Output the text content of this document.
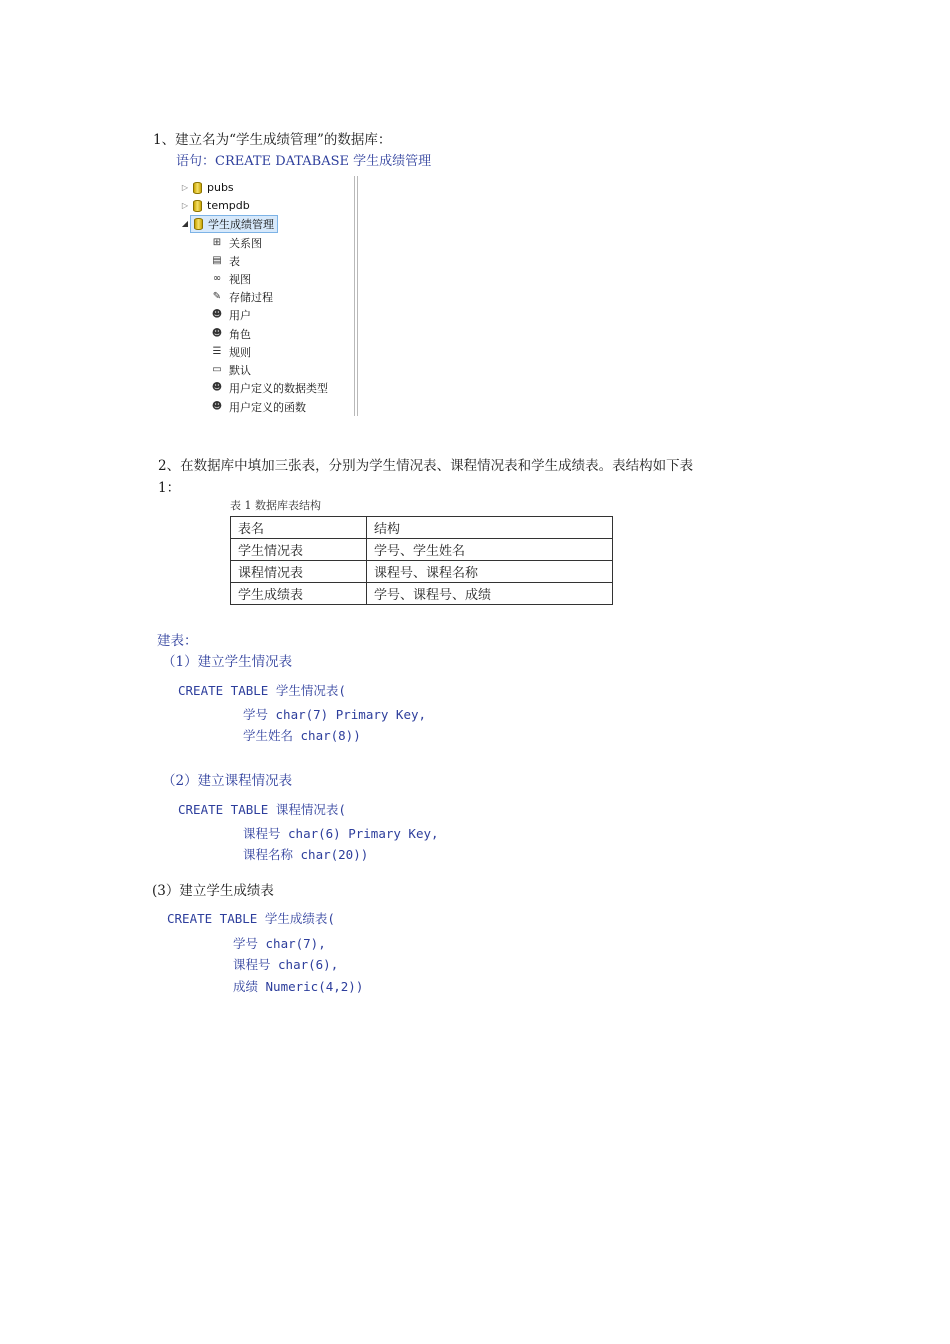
1、建立名为“学生成绩管理”的数据库：
语句：CREATE DATABASE 学生成绩管理
▷ pubs
▷ tempdb
◢ 学生成绩管理
⊞ 关系图
▤ 表
∞ 视图
✎ 存储过程
☻ 用户
☻ 角色
☰ 规则
▭ 默认
☻ 用户定义的数据类型
☻ 用户定义的函数
2、在数据库中填加三张表，分别为学生情况表、课程情况表和学生成绩表。表结构如下表
1：
表 1 数据库表结构
表名	结构
学生情况表	学号、学生姓名
课程情况表	课程号、课程名称
学生成绩表	学号、课程号、成绩
建表：
（1）建立学生情况表
CREATE TABLE 学生情况表(
学号 char(7) Primary Key,
学生姓名 char(8))
（2）建立课程情况表
CREATE TABLE 课程情况表(
课程号 char(6) Primary Key,
课程名称 char(20))
(3）建立学生成绩表
CREATE TABLE 学生成绩表(
学号 char(7),
课程号 char(6),
成绩 Numeric(4,2))
